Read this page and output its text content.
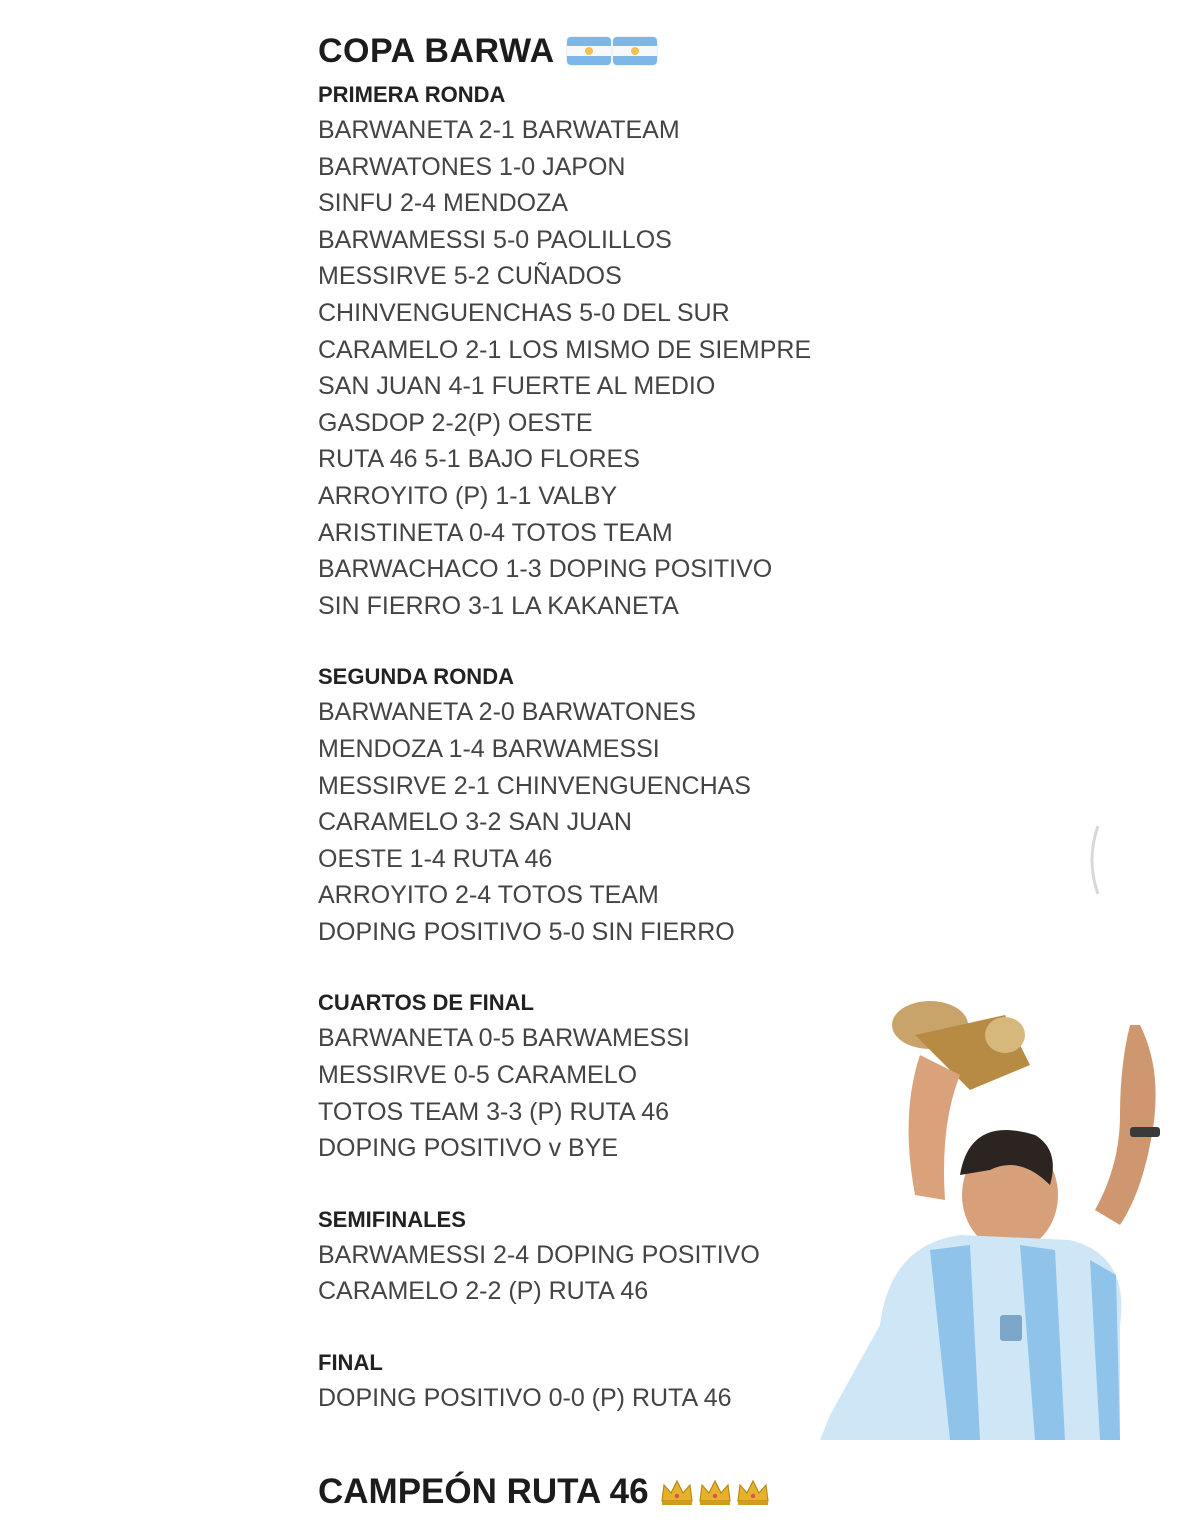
COPA BARWA
PRIMERA RONDA
BARWANETA 2-1 BARWATEAM
BARWATONES 1-0 JAPON
SINFU 2-4 MENDOZA
BARWAMESSI 5-0 PAOLILLOS
MESSIRVE 5-2 CUÑADOS
CHINVENGUENCHAS 5-0 DEL SUR
CARAMELO 2-1 LOS MISMO DE SIEMPRE
SAN JUAN 4-1 FUERTE AL MEDIO
GASDOP 2-2(P) OESTE
RUTA 46 5-1 BAJO FLORES
ARROYITO (P) 1-1 VALBY
ARISTINETA 0-4 TOTOS TEAM
BARWACHACO 1-3 DOPING POSITIVO
SIN FIERRO 3-1 LA KAKANETA
SEGUNDA RONDA
BARWANETA 2-0 BARWATONES
MENDOZA 1-4 BARWAMESSI
MESSIRVE 2-1 CHINVENGUENCHAS
CARAMELO 3-2 SAN JUAN
OESTE 1-4 RUTA 46
ARROYITO 2-4 TOTOS TEAM
DOPING POSITIVO 5-0 SIN FIERRO
CUARTOS DE FINAL
BARWANETA 0-5 BARWAMESSI
MESSIRVE 0-5 CARAMELO
TOTOS TEAM 3-3 (P) RUTA 46
DOPING POSITIVO v BYE
SEMIFINALES
BARWAMESSI 2-4 DOPING POSITIVO
CARAMELO 2-2 (P) RUTA 46
FINAL
DOPING POSITIVO 0-0 (P) RUTA 46
CAMPEÓN RUTA 46
